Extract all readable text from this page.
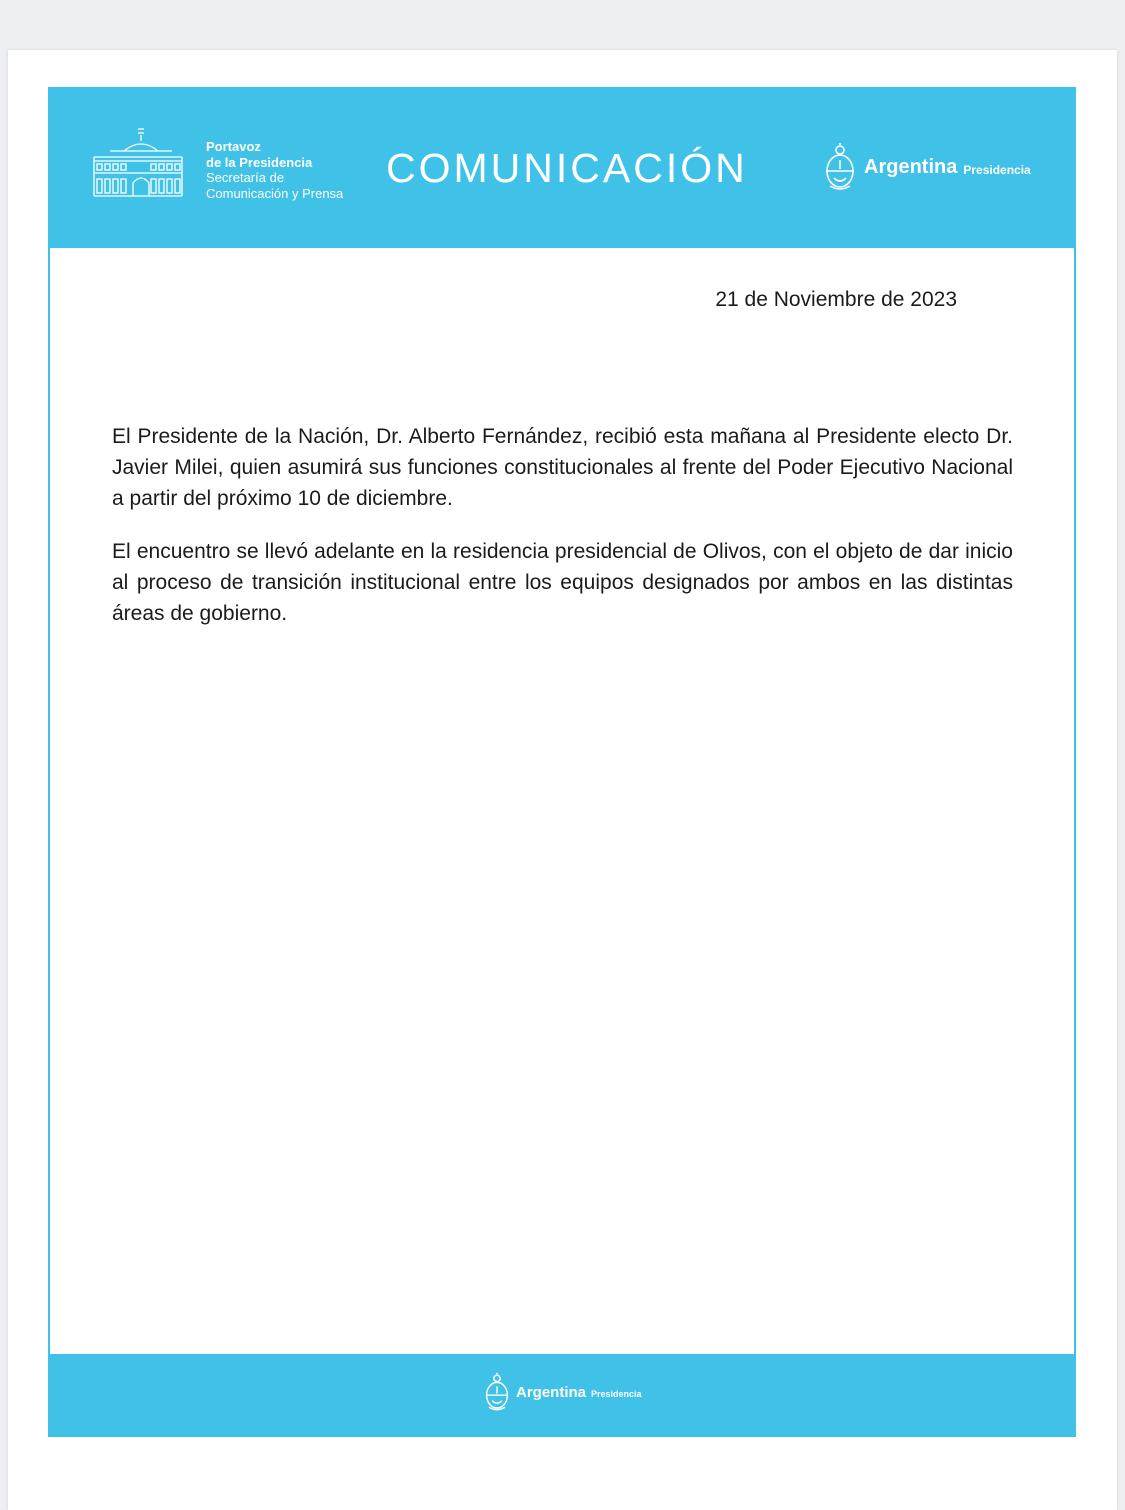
Portavoz
de la Presidencia
Secretaría de
Comunicación y Prensa
COMUNICACIÓN	Argentina Presidencia
21 de Noviembre de 2023

El Presidente de la Nación, Dr. Alberto Fernández, recibió esta mañana al Presidente electo Dr. Javier Milei, quien asumirá sus funciones constitucionales al frente del Poder Ejecutivo Nacional a partir del próximo 10 de diciembre.

El encuentro se llevó adelante en la residencia presidencial de Olivos, con el objeto de dar inicio al proceso de transición institucional entre los equipos designados por ambos en las distintas áreas de gobierno.

Argentina Presidencia
